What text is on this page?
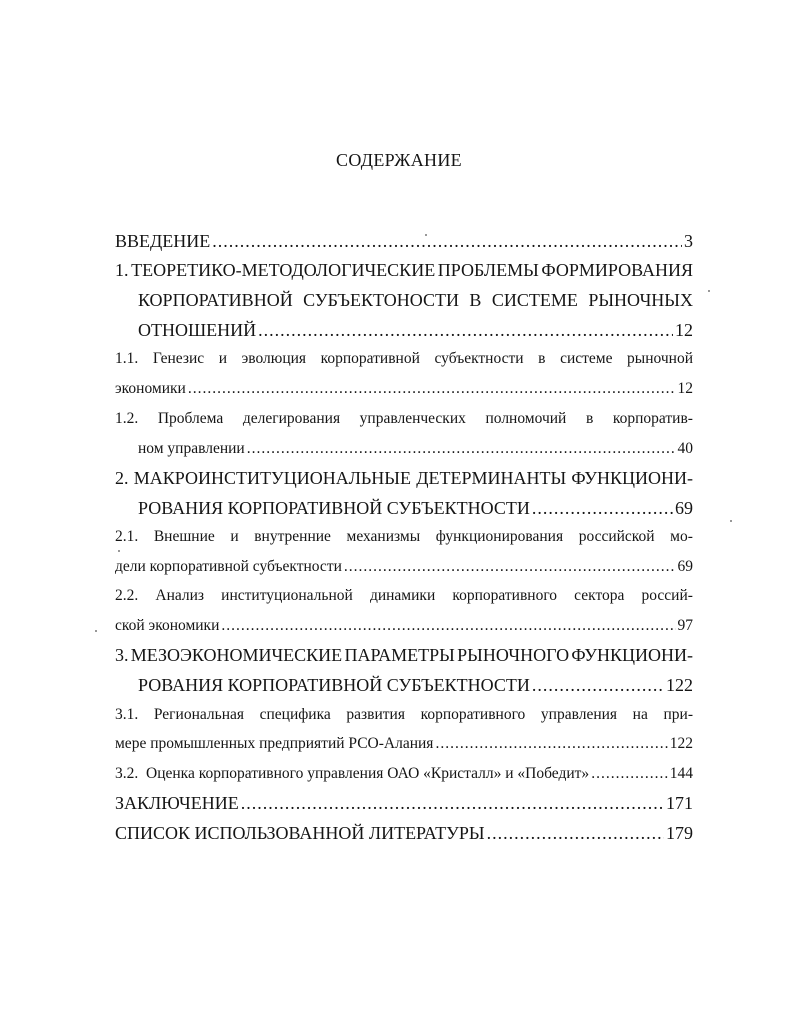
СОДЕРЖАНИЕ
ВВЕДЕНИЕ .....	3
1. ТЕОРЕТИКО-МЕТОДОЛОГИЧЕСКИЕ ПРОБЛЕМЫ ФОРМИРОВАНИЯ
КОРПОРАТИВНОЙ СУБЪЕКТОНОСТИ В СИСТЕМЕ РЫНОЧНЫХ
ОТНОШЕНИЙ .....	12
1.1. Генезис и эволюция корпоративной субъектности в системе рыночной
экономики .....	12
1.2. Проблема делегирования управленческих полномочий в корпоратив-
ном управлении .....	40
2. МАКРОИНСТИТУЦИОНАЛЬНЫЕ ДЕТЕРМИНАНТЫ ФУНКЦИОНИ-
РОВАНИЯ КОРПОРАТИВНОЙ СУБЪЕКТНОСТИ .....	69
2.1. Внешние и внутренние механизмы функционирования российской мо-
дели корпоративной субъектности .....	69
2.2. Анализ институциональной динамики корпоративного сектора россий-
ской экономики .....	97
3. МЕЗОЭКОНОМИЧЕСКИЕ ПАРАМЕТРЫ РЫНОЧНОГО ФУНКЦИОНИ-
РОВАНИЯ КОРПОРАТИВНОЙ СУБЪЕКТНОСТИ .....	122
3.1. Региональная специфика развития корпоративного управления на при-
мере промышленных предприятий РСО-Алания .....	122
3.2.  Оценка корпоративного управления ОАО «Кристалл» и «Победит» .....	144
ЗАКЛЮЧЕНИЕ .....	171
СПИСОК ИСПОЛЬЗОВАННОЙ ЛИТЕРАТУРЫ .....	179
